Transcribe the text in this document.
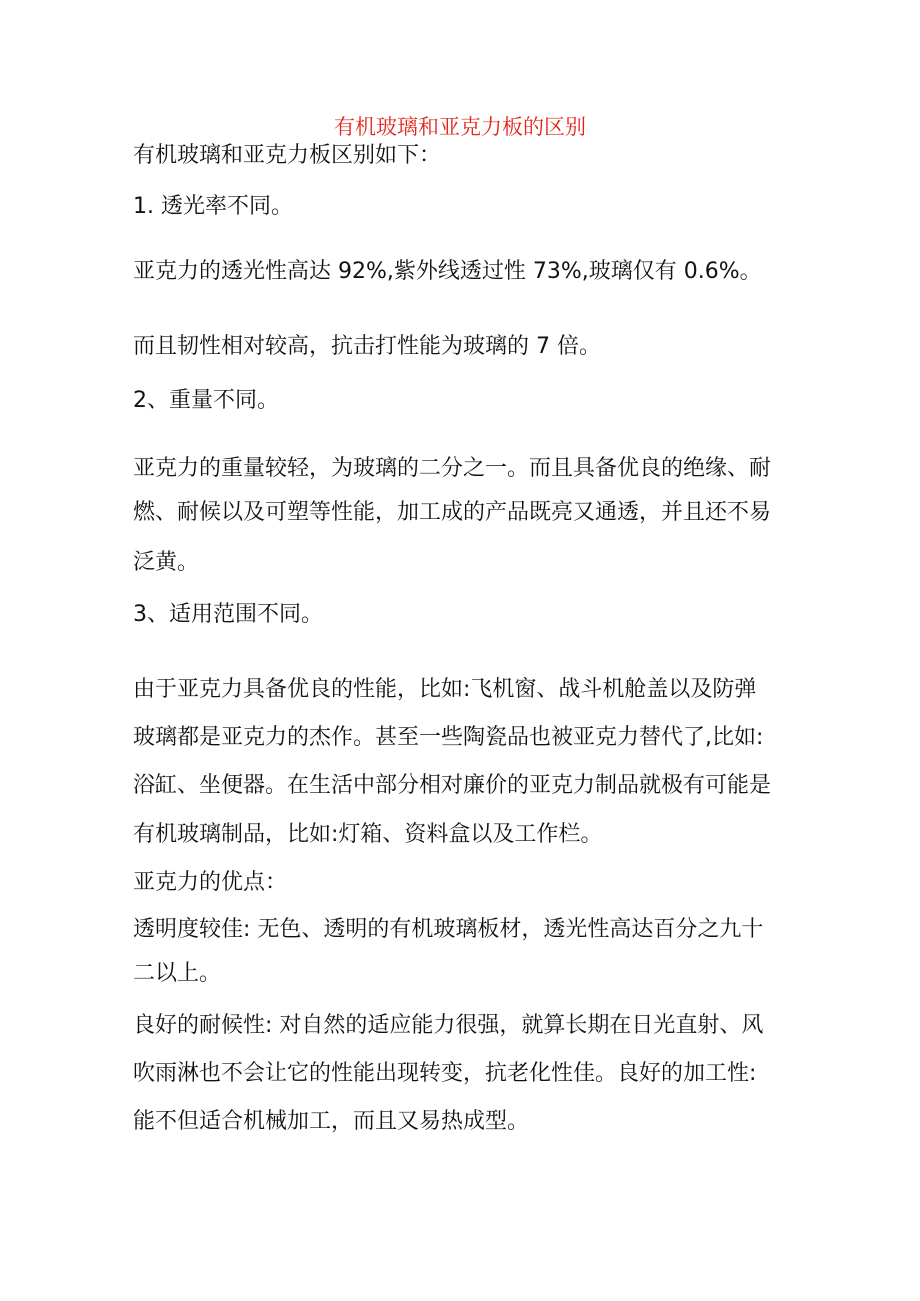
有机玻璃和亚克力板的区别
有机玻璃和亚克力板区别如下：
1. 透光率不同。
亚克力的透光性高达 92%,紫外线透过性 73%,玻璃仅有 0.6%。
而且韧性相对较高，抗击打性能为玻璃的 7 倍。
2、重量不同。
亚克力的重量较轻，为玻璃的二分之一。而且具备优良的绝缘、耐
燃、耐候以及可塑等性能，加工成的产品既亮又通透，并且还不易
泛黄。
3、适用范围不同。
由于亚克力具备优良的性能，比如:飞机窗、战斗机舱盖以及防弹
玻璃都是亚克力的杰作。甚至一些陶瓷品也被亚克力替代了,比如:
浴缸、坐便器。在生活中部分相对廉价的亚克力制品就极有可能是
有机玻璃制品，比如:灯箱、资料盒以及工作栏。
亚克力的优点：
透明度较佳: 无色、透明的有机玻璃板材，透光性高达百分之九十
二以上。
良好的耐候性: 对自然的适应能力很强，就算长期在日光直射、风
吹雨淋也不会让它的性能出现转变，抗老化性佳。良好的加工性:
能不但适合机械加工，而且又易热成型。
